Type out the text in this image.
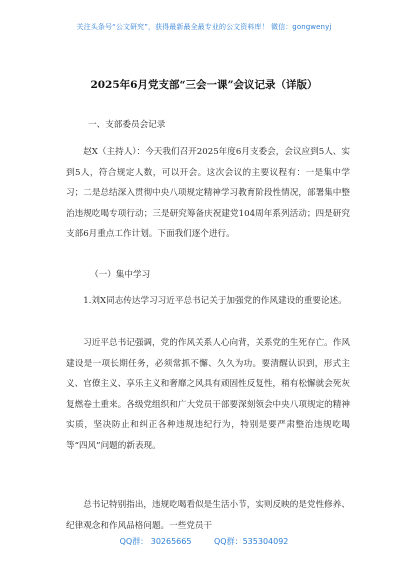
关注头条号“公文研究”，获得最新最全最专业的公文资料库！ 微信：gongwenyj
2025年6月党支部“三会一课”会议记录（详版）
一、支部委员会记录
赵X（主持人）：今天我们召开2025年度6月支委会，会议应到5人、实到5人，符合规定人数，可以开会。这次会议的主要议程有：一是集中学习；二是总结深入贯彻中央八项规定精神学习教育阶段性情况，部署集中整治违规吃喝专项行动；三是研究筹备庆祝建党104周年系列活动；四是研究支部6月重点工作计划。下面我们逐个进行。
（一）集中学习
1.刘X同志传达学习习近平总书记关于加强党的作风建设的重要论述。
习近平总书记强调，党的作风关系人心向背，关系党的生死存亡。作风建设是一项长期任务，必须常抓不懈、久久为功。要清醒认识到，形式主义、官僚主义、享乐主义和奢靡之风具有顽固性反复性，稍有松懈就会死灰复燃卷土重来。各级党组织和广大党员干部要深刻领会中央八项规定的精神实质，坚决防止和纠正各种违规违纪行为，特别是要严肃整治违规吃喝等“四风”问题的新表现。
总书记特别指出，违规吃喝看似是生活小节，实则反映的是党性修养、纪律观念和作风品格问题。一些党员干
QQ群： 30265665	QQ群：535304092
